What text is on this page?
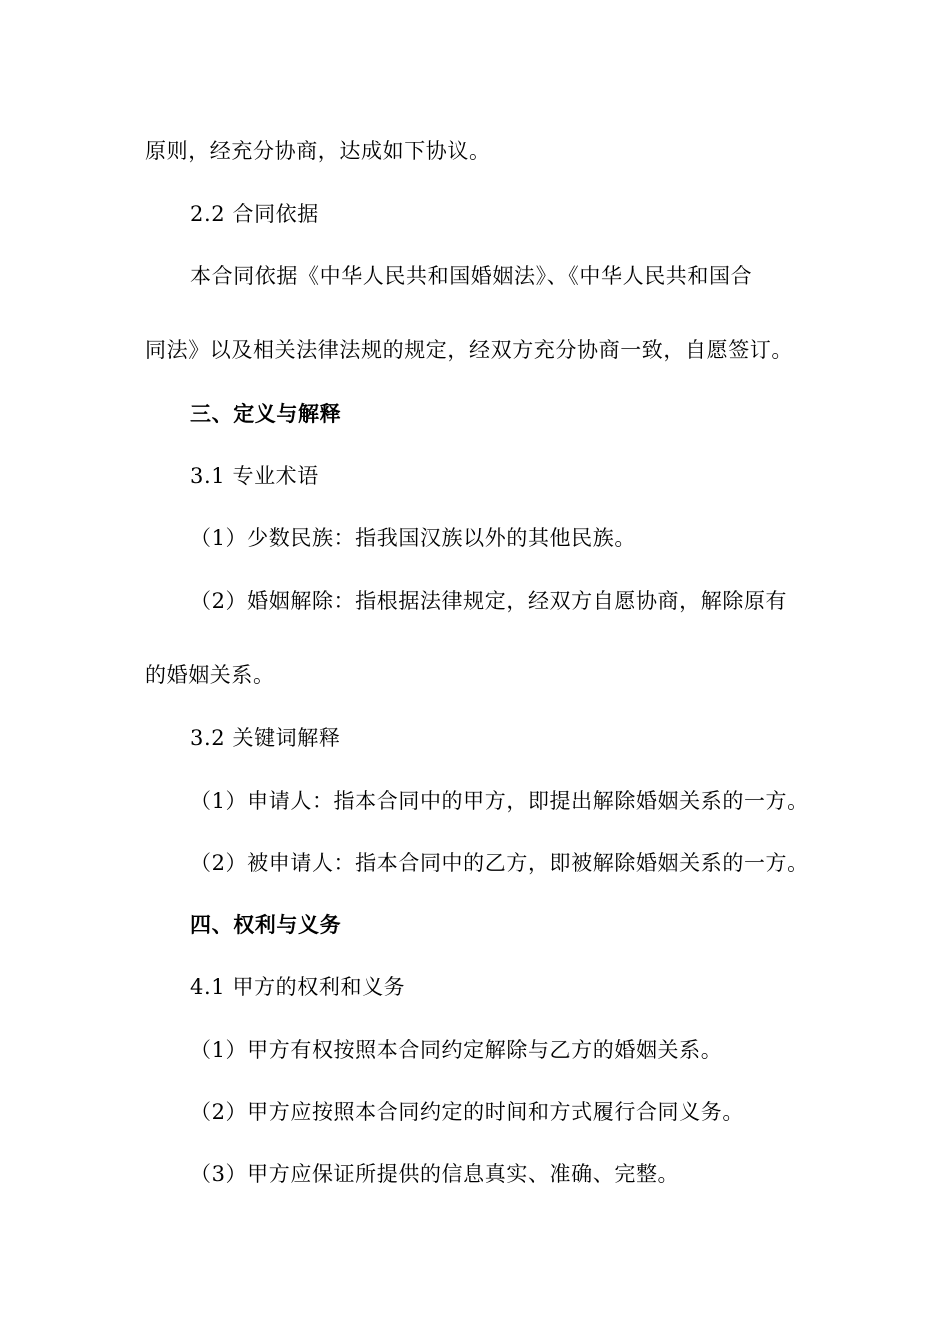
原则，经充分协商，达成如下协议。
2.2 合同依据
本合同依据《中华人民共和国婚姻法》、《中华人民共和国合
同法》以及相关法律法规的规定，经双方充分协商一致，自愿签订。
三、定义与解释
3.1 专业术语
（1）少数民族：指我国汉族以外的其他民族。
（2）婚姻解除：指根据法律规定，经双方自愿协商，解除原有
的婚姻关系。
3.2 关键词解释
（1）申请人：指本合同中的甲方，即提出解除婚姻关系的一方。
（2）被申请人：指本合同中的乙方，即被解除婚姻关系的一方。
四、权利与义务
4.1 甲方的权利和义务
（1）甲方有权按照本合同约定解除与乙方的婚姻关系。
（2）甲方应按照本合同约定的时间和方式履行合同义务。
（3）甲方应保证所提供的信息真实、准确、完整。
